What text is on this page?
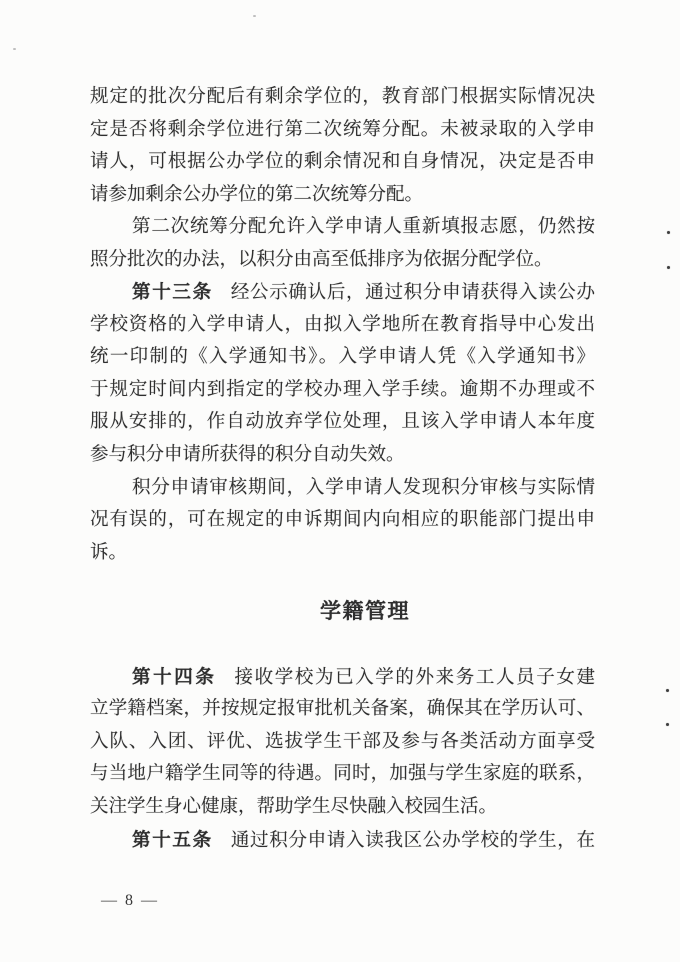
规定的批次分配后有剩余学位的，教育部门根据实际情况决
定是否将剩余学位进行第二次统筹分配。未被录取的入学申
请人，可根据公办学位的剩余情况和自身情况，决定是否申
请参加剩余公办学位的第二次统筹分配。
第二次统筹分配允许入学申请人重新填报志愿，仍然按
照分批次的办法，以积分由高至低排序为依据分配学位。
第十三条 经公示确认后，通过积分申请获得入读公办
学校资格的入学申请人，由拟入学地所在教育指导中心发出
统一印制的《入学通知书》。入学申请人凭《入学通知书》
于规定时间内到指定的学校办理入学手续。逾期不办理或不
服从安排的，作自动放弃学位处理，且该入学申请人本年度
参与积分申请所获得的积分自动失效。
积分申请审核期间，入学申请人发现积分审核与实际情
况有误的，可在规定的申诉期间内向相应的职能部门提出申
诉。
学籍管理
第十四条 接收学校为已入学的外来务工人员子女建
立学籍档案，并按规定报审批机关备案，确保其在学历认可、
入队、入团、评优、选拔学生干部及参与各类活动方面享受
与当地户籍学生同等的待遇。同时，加强与学生家庭的联系，
关注学生身心健康，帮助学生尽快融入校园生活。
第十五条 通过积分申请入读我区公办学校的学生，在
— 8 —
